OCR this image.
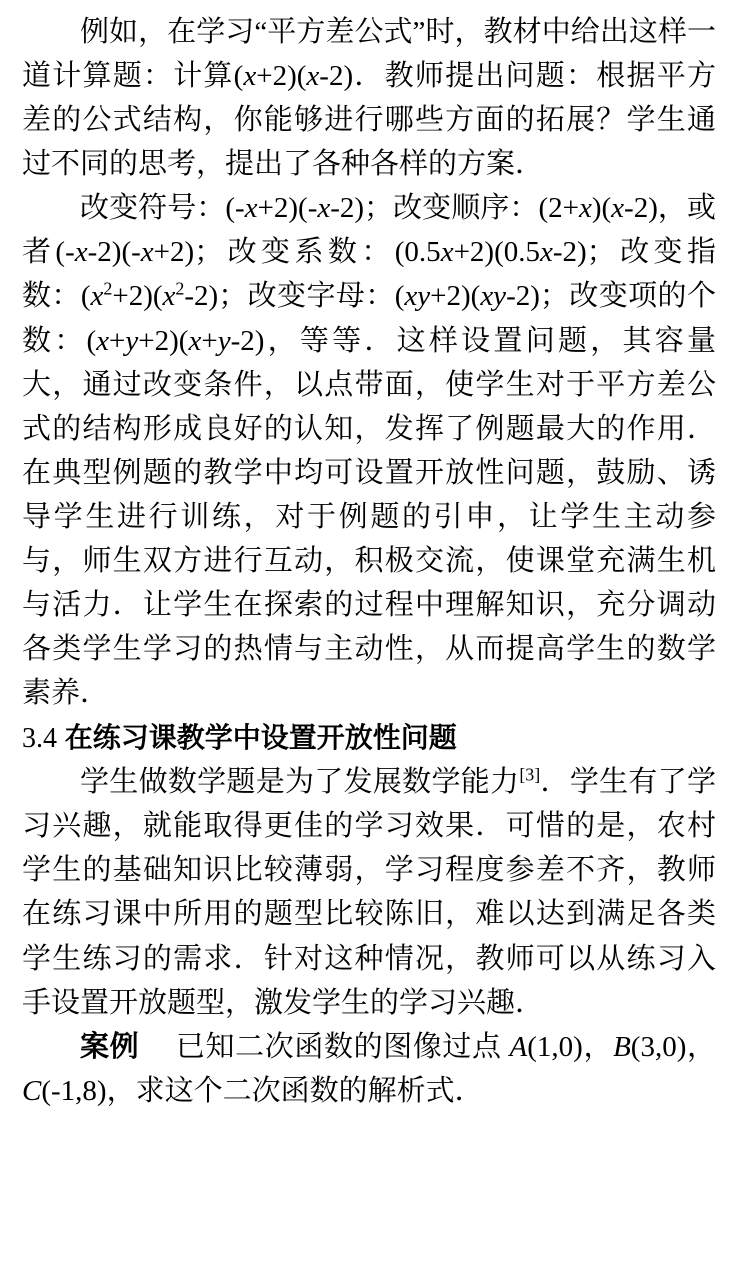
例如，在学习“平方差公式”时，教材中给出这样一道计算题：计算(x+2)(x-2)．教师提出问题：根据平方差的公式结构，你能够进行哪些方面的拓展？学生通过不同的思考，提出了各种各样的方案．

改变符号：(-x+2)(-x-2)；改变顺序：(2+x)(x-2)，或者(-x-2)(-x+2)；改变系数：(0.5x+2)(0.5x-2)；改变指数：$(x^2+2)(x^2-2)$；改变字母：(xy+2)(xy-2)；改变项的个数：(x+y+2)(x+y-2)，等等．这样设置问题，其容量大，通过改变条件，以点带面，使学生对于平方差公式的结构形成良好的认知，发挥了例题最大的作用．在典型例题的教学中均可设置开放性问题，鼓励、诱导学生进行训练，对于例题的引申，让学生主动参与，师生双方进行互动，积极交流，使课堂充满生机与活力．让学生在探索的过程中理解知识，充分调动各类学生学习的热情与主动性，从而提高学生的数学素养．

3.4 在练习课教学中设置开放性问题

学生做数学题是为了发展数学能力[3]．学生有了学习兴趣，就能取得更佳的学习效果．可惜的是，农村学生的基础知识比较薄弱，学习程度参差不齐，教师在练习课中所用的题型比较陈旧，难以达到满足各类学生练习的需求．针对这种情况，教师可以从练习入手设置开放题型，激发学生的学习兴趣．

案例 已知二次函数的图像过点 A(1,0)，B(3,0)，C(-1,8)，求这个二次函数的解析式．
